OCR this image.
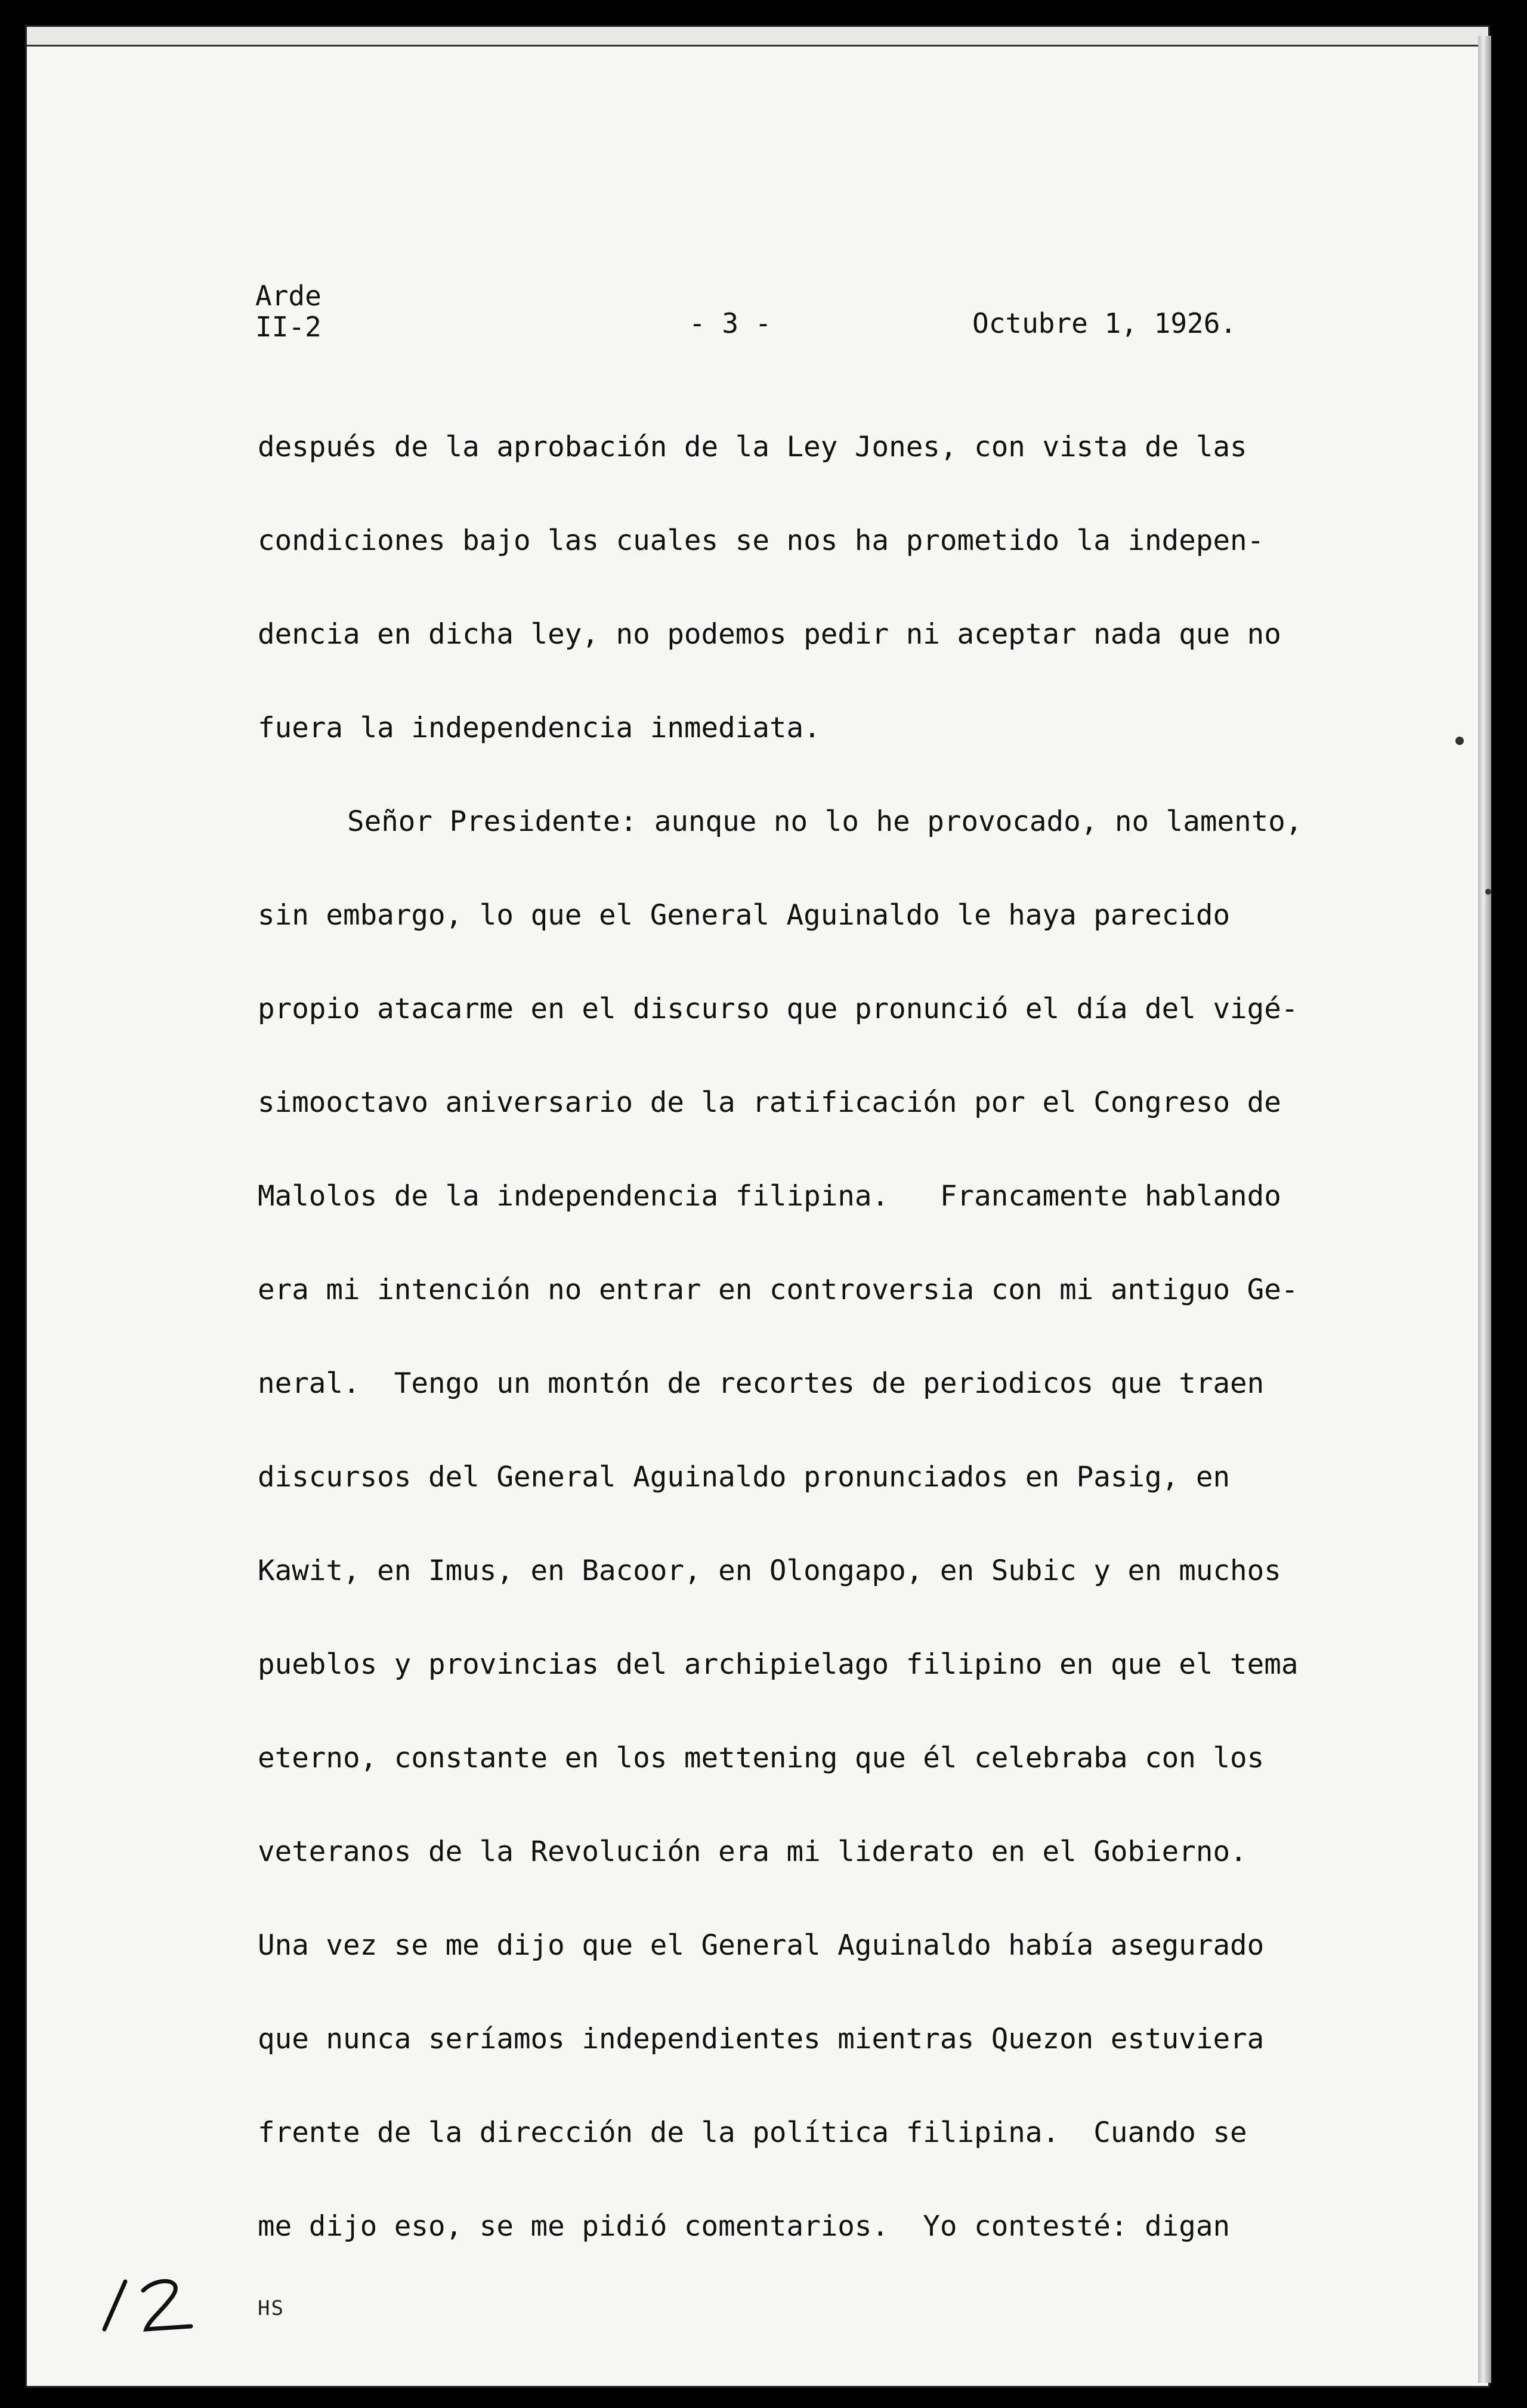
Arde
II-2	- 3 -	Octubre 1, 1926.
después de la aprobación de la Ley Jones, con vista de las
condiciones bajo las cuales se nos ha prometido la indepen-
dencia en dicha ley, no podemos pedir ni aceptar nada que no
fuera la independencia inmediata.
Señor Presidente: aunque no lo he provocado, no lamento,
sin embargo, lo que el General Aguinaldo le haya parecido
propio atacarme en el discurso que pronunció el día del vigé-
simooctavo aniversario de la ratificación por el Congreso de
Malolos de la independencia filipina.   Francamente hablando
era mi intención no entrar en controversia con mi antiguo Ge-
neral.  Tengo un montón de recortes de periodicos que traen
discursos del General Aguinaldo pronunciados en Pasig, en
Kawit, en Imus, en Bacoor, en Olongapo, en Subic y en muchos
pueblos y provincias del archipielago filipino en que el tema
eterno, constante en los mettening que él celebraba con los
veteranos de la Revolución era mi liderato en el Gobierno.
Una vez se me dijo que el General Aguinaldo había asegurado
que nunca seríamos independientes mientras Quezon estuviera
frente de la dirección de la política filipina.  Cuando se
me dijo eso, se me pidió comentarios.  Yo contesté: digan
HS
